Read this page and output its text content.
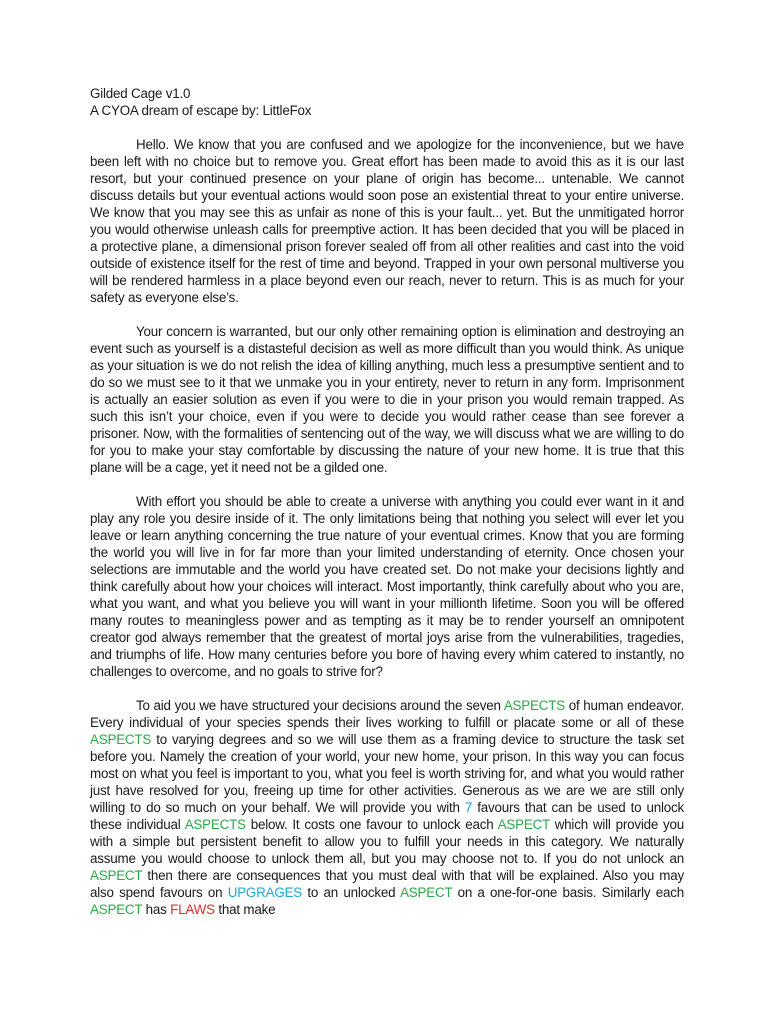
Gilded Cage v1.0

A CYOA dream of escape by: LittleFox

Hello. We know that you are confused and we apologize for the inconvenience, but we have been left with no choice but to remove you. Great effort has been made to avoid this as it is our last resort, but your continued presence on your plane of origin has become... untenable. We cannot discuss details but your eventual actions would soon pose an existential threat to your entire universe. We know that you may see this as unfair as none of this is your fault... yet. But the unmitigated horror you would otherwise unleash calls for preemptive action. It has been decided that you will be placed in a protective plane, a dimensional prison forever sealed off from all other realities and cast into the void outside of existence itself for the rest of time and beyond. Trapped in your own personal multiverse you will be rendered harmless in a place beyond even our reach, never to return. This is as much for your safety as everyone else’s.

Your concern is warranted, but our only other remaining option is elimination and destroying an event such as yourself is a distasteful decision as well as more difficult than you would think. As unique as your situation is we do not relish the idea of killing anything, much less a presumptive sentient and to do so we must see to it that we unmake you in your entirety, never to return in any form. Imprisonment is actually an easier solution as even if you were to die in your prison you would remain trapped. As such this isn’t your choice, even if you were to decide you would rather cease than see forever a prisoner. Now, with the formalities of sentencing out of the way, we will discuss what we are willing to do for you to make your stay comfortable by discussing the nature of your new home. It is true that this plane will be a cage, yet it need not be a gilded one.

With effort you should be able to create a universe with anything you could ever want in it and play any role you desire inside of it. The only limitations being that nothing you select will ever let you leave or learn anything concerning the true nature of your eventual crimes. Know that you are forming the world you will live in for far more than your limited understanding of eternity. Once chosen your selections are immutable and the world you have created set. Do not make your decisions lightly and think carefully about how your choices will interact. Most importantly, think carefully about who you are, what you want, and what you believe you will want in your millionth lifetime. Soon you will be offered many routes to meaningless power and as tempting as it may be to render yourself an omnipotent creator god always remember that the greatest of mortal joys arise from the vulnerabilities, tragedies, and triumphs of life. How many centuries before you bore of having every whim catered to instantly, no challenges to overcome, and no goals to strive for?

To aid you we have structured your decisions around the seven ASPECTS of human endeavor. Every individual of your species spends their lives working to fulfill or placate some or all of these ASPECTS to varying degrees and so we will use them as a framing device to structure the task set before you. Namely the creation of your world, your new home, your prison. In this way you can focus most on what you feel is important to you, what you feel is worth striving for, and what you would rather just have resolved for you, freeing up time for other activities. Generous as we are we are still only willing to do so much on your behalf. We will provide you with 7 favours that can be used to unlock these individual ASPECTS below. It costs one favour to unlock each ASPECT which will provide you with a simple but persistent benefit to allow you to fulfill your needs in this category. We naturally assume you would choose to unlock them all, but you may choose not to. If you do not unlock an ASPECT then there are consequences that you must deal with that will be explained. Also you may also spend favours on UPGRAGES to an unlocked ASPECT on a one-for-one basis. Similarly each ASPECT has FLAWS that make
